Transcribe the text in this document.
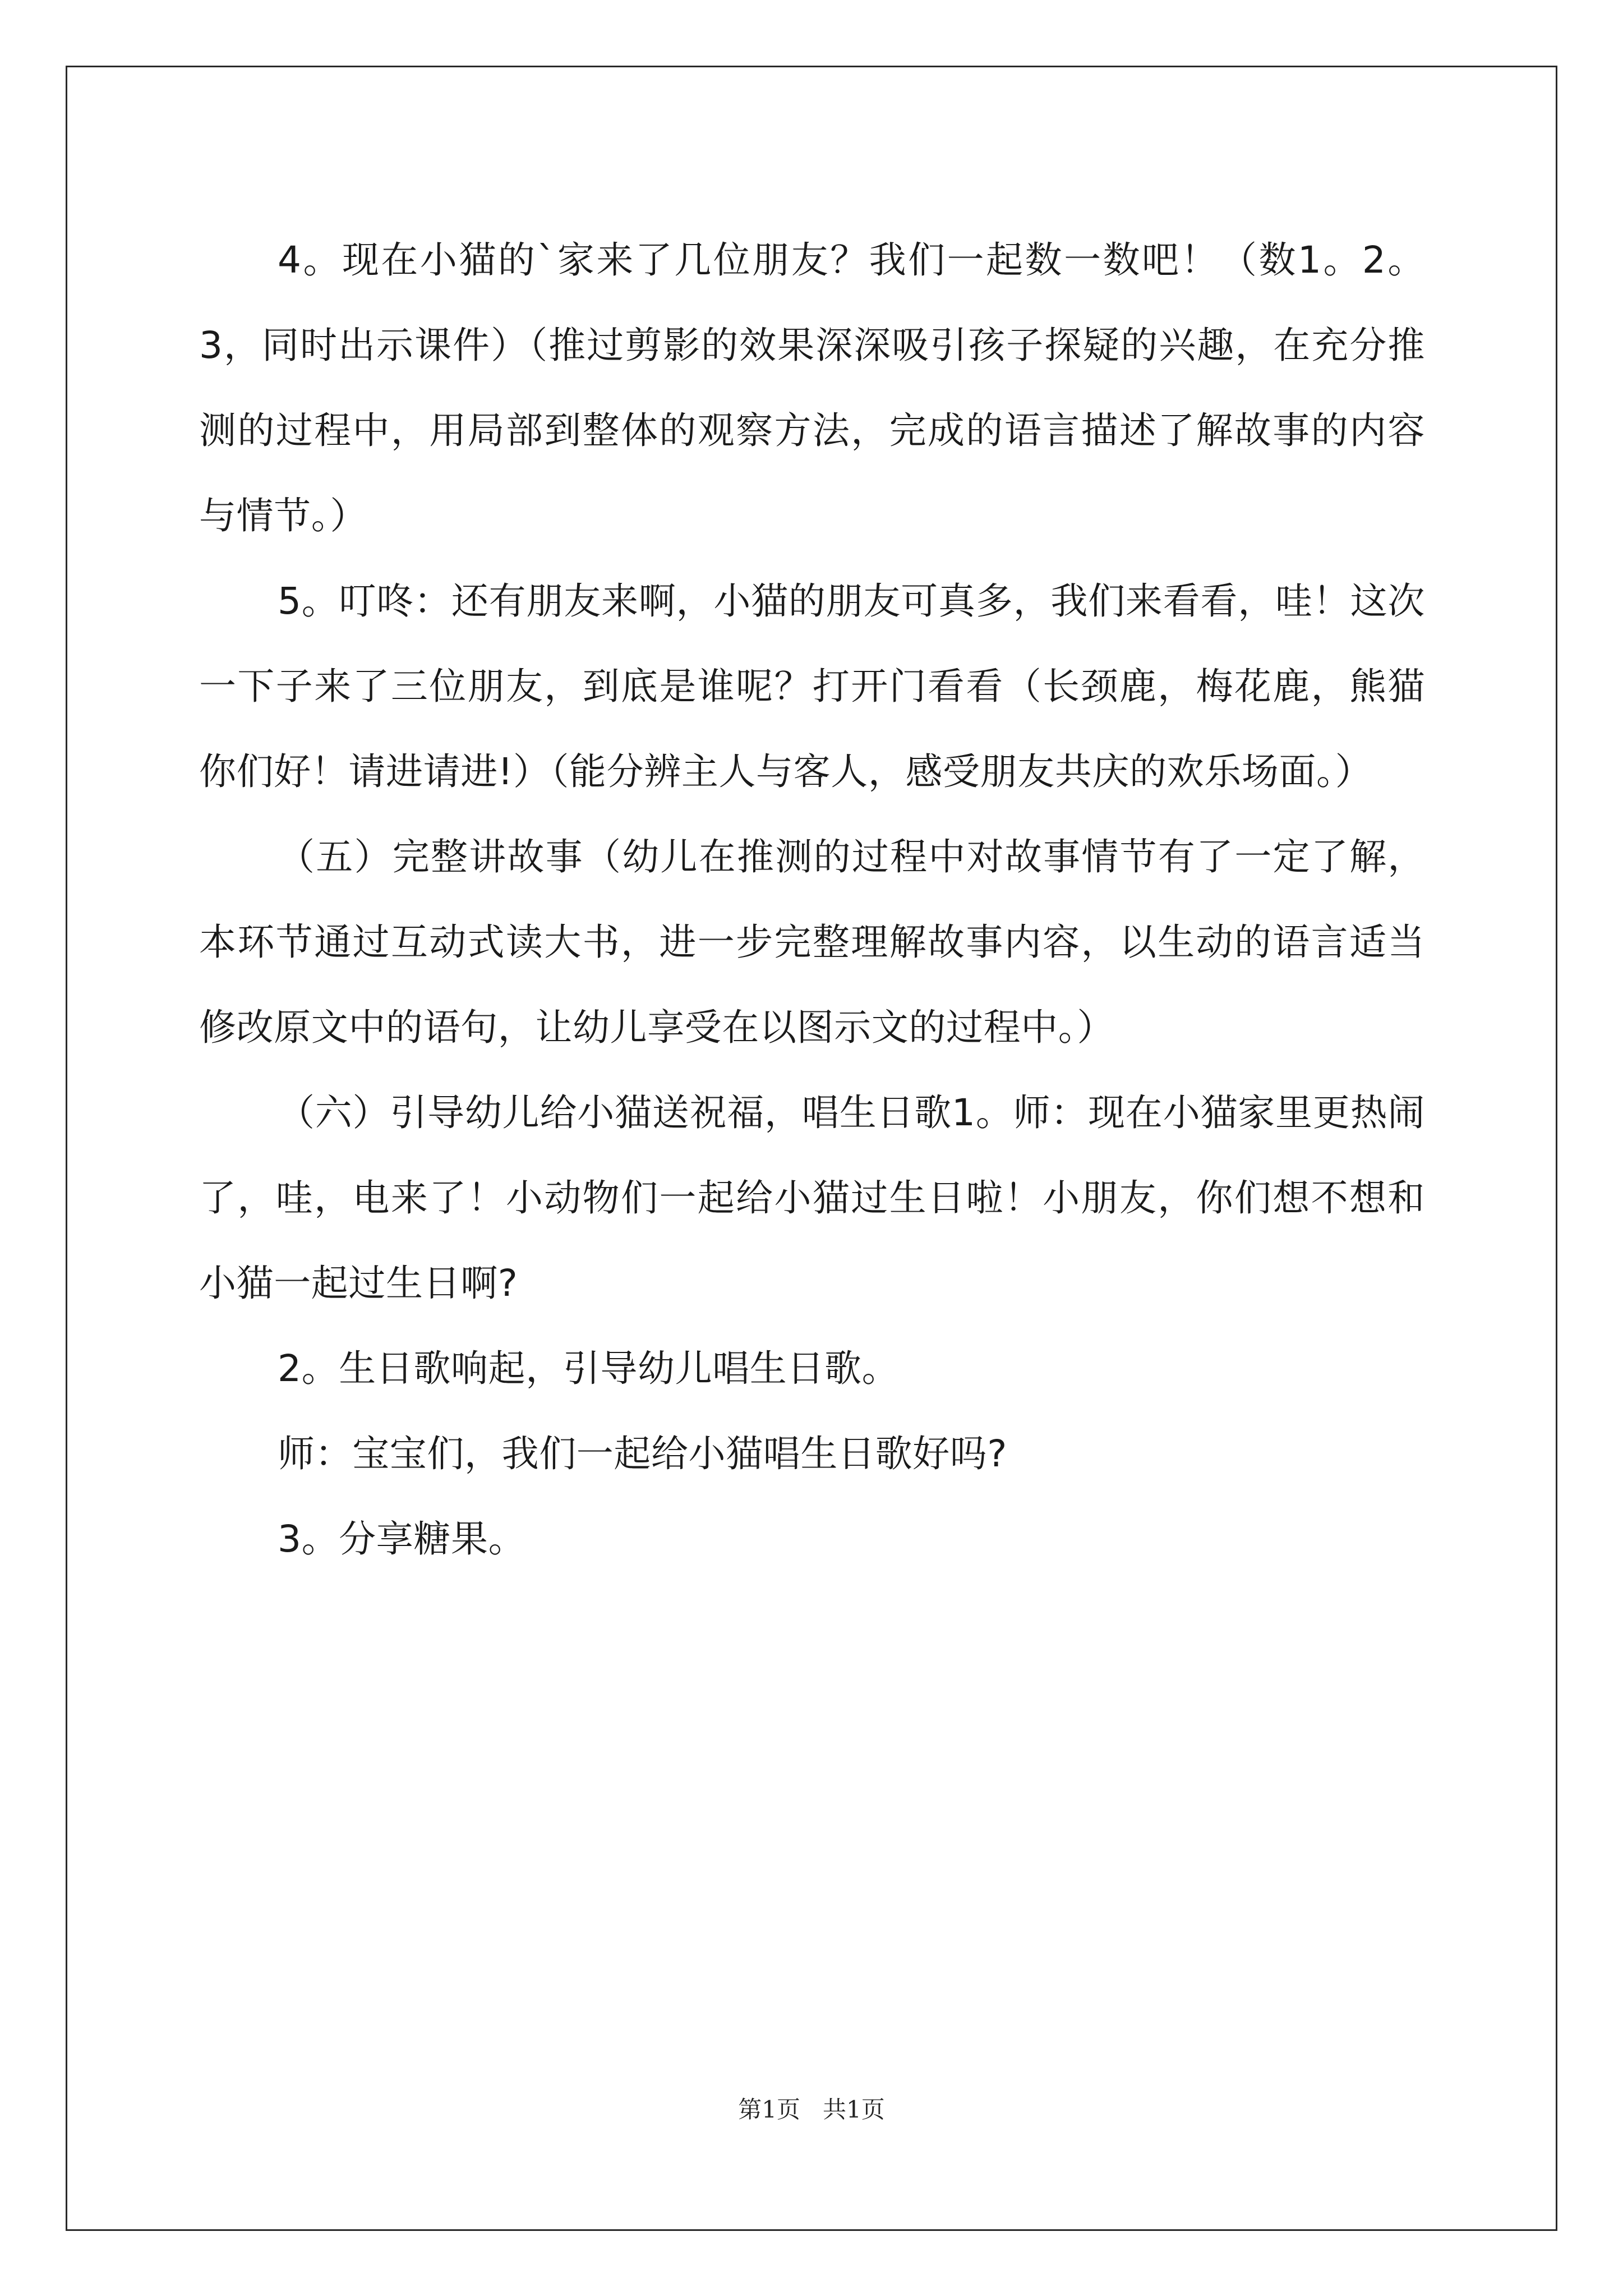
4。现在小猫的`家来了几位朋友？我们一起数一数吧！（数1。2。3，同时出示课件）（推过剪影的效果深深吸引孩子探疑的兴趣，在充分推测的过程中，用局部到整体的观察方法，完成的语言描述了解故事的内容与情节。）

5。叮咚：还有朋友来啊，小猫的朋友可真多，我们来看看，哇！这次一下子来了三位朋友，到底是谁呢？打开门看看（长颈鹿，梅花鹿，熊猫你们好！请进请进!）（能分辨主人与客人，感受朋友共庆的欢乐场面。）

（五）完整讲故事（幼儿在推测的过程中对故事情节有了一定了解，本环节通过互动式读大书，进一步完整理解故事内容，以生动的语言适当修改原文中的语句，让幼儿享受在以图示文的过程中。）

（六）引导幼儿给小猫送祝福，唱生日歌1。师：现在小猫家里更热闹了，哇，电来了！小动物们一起给小猫过生日啦！小朋友，你们想不想和小猫一起过生日啊?

2。生日歌响起，引导幼儿唱生日歌。

师：宝宝们，我们一起给小猫唱生日歌好吗?

3。分享糖果。

第1页   共1页
